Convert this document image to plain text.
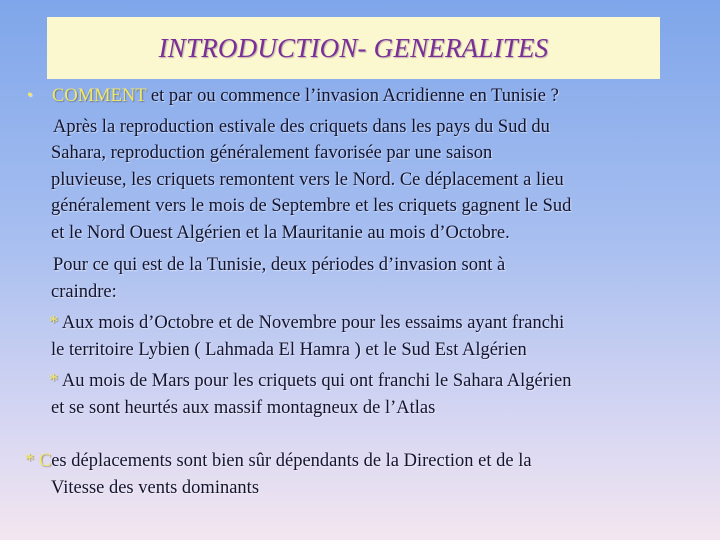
INTRODUCTION- GENERALITES
• COMMENT et par ou commence l’invasion Acridienne en Tunisie ?
Après la reproduction estivale des criquets dans les pays du Sud du
Sahara, reproduction généralement favorisée par une saison
pluvieuse, les criquets remontent vers le Nord. Ce déplacement a lieu
généralement vers le mois de Septembre et les criquets gagnent le Sud
et le Nord Ouest Algérien et la Mauritanie au mois d’Octobre.
Pour ce qui est de la Tunisie, deux périodes d’invasion sont à
craindre:
* Aux mois d’Octobre et de Novembre pour les essaims ayant franchi
le territoire Lybien ( Lahmada El Hamra ) et le Sud Est Algérien
* Au mois de Mars pour les criquets qui ont franchi le Sahara Algérien
et se sont heurtés aux massif montagneux de l’Atlas
* Ces déplacements sont bien sûr dépendants de la Direction et de la
Vitesse des vents dominants
